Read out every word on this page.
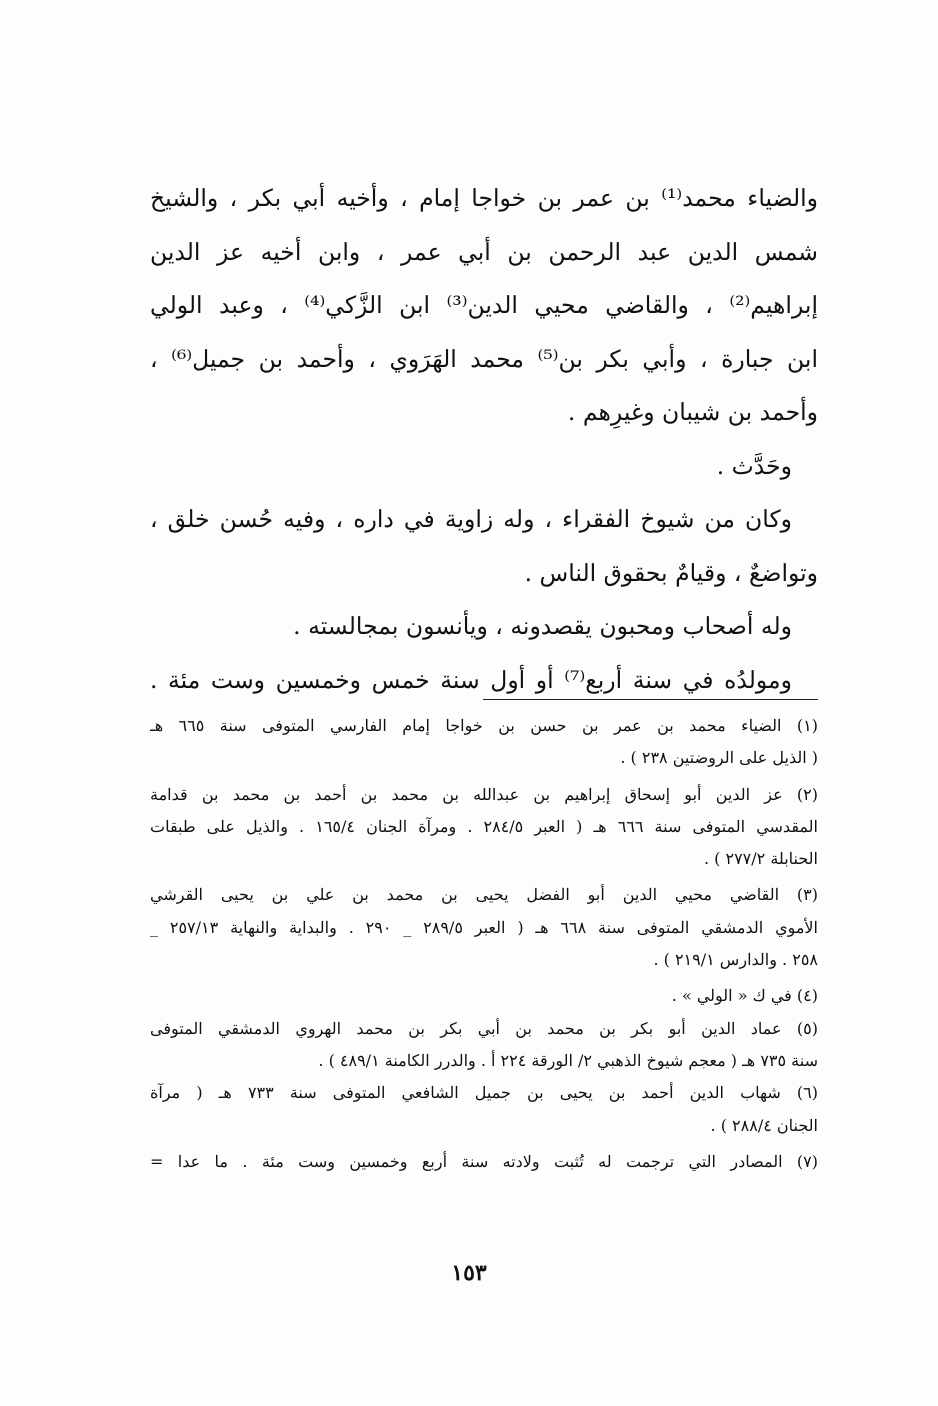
والضياء محمد⁽¹⁾ بن عمر بن خواجا إمام ، وأخيه أبي بكر ، والشيخ
شمس الدين عبد الرحمن بن أبي عمر ، وابن أخيه عز الدين
إبراهيم⁽²⁾ ، والقاضي محيي الدين⁽³⁾ ابن الزَّكي⁽⁴⁾ ، وعبد الولي
ابن جبارة ، وأبي بكر بن⁽⁵⁾ محمد الهَرَوي ، وأحمد بن جميل⁽⁶⁾ ،
وأحمد بن شيبان وغيرِهم .
وحَدَّث .
وكان من شيوخ الفقراء ، وله زاوية في داره ، وفيه حُسن خلق ،
وتواضعٌ ، وقيامٌ بحقوق الناس .
وله أصحاب ومحبون يقصدونه ، ويأنسون بمجالسته .
ومولدُه في سنة أربع⁽⁷⁾ أو أول سنة خمس وخمسين وست مئة .
(١) الضياء محمد بن عمر بن حسن بن خواجا إمام الفارسي المتوفى سنة ٦٦٥ هـ
( الذيل على الروضتين ٢٣٨ ) .
(٢) عز الدين أبو إسحاق إبراهيم بن عبدالله بن محمد بن أحمد بن محمد بن قدامة
المقدسي المتوفى سنة ٦٦٦ هـ ( العبر ٢٨٤/٥ . ومرآة الجنان ١٦٥/٤ . والذيل على طبقات
الحنابلة ٢٧٧/٢ ) .
(٣) القاضي محيي الدين أبو الفضل يحيى بن محمد بن علي بن يحيى القرشي
الأموي الدمشقي المتوفى سنة ٦٦٨ هـ ( العبر ٢٨٩/٥ _ ٢٩٠ . والبداية والنهاية ٢٥٧/١٣ _
٢٥٨ . والدارس ٢١٩/١ ) .
(٤) في ك « الولي » .
(٥) عماد الدين أبو بكر بن محمد بن أبي بكر بن محمد الهروي الدمشقي المتوفى
سنة ٧٣٥ هـ ( معجم شيوخ الذهبي ٢/ الورقة ٢٢٤ أ . والدرر الكامنة ٤٨٩/١ ) .
(٦) شهاب الدين أحمد بن يحيى بن جميل الشافعي المتوفى سنة ٧٣٣ هـ ( مرآة
الجنان ٢٨٨/٤ ) .
(٧) المصادر التي ترجمت له تُثبت ولادته سنة أربع وخمسين وست مئة . ما عدا =
١٥٣
